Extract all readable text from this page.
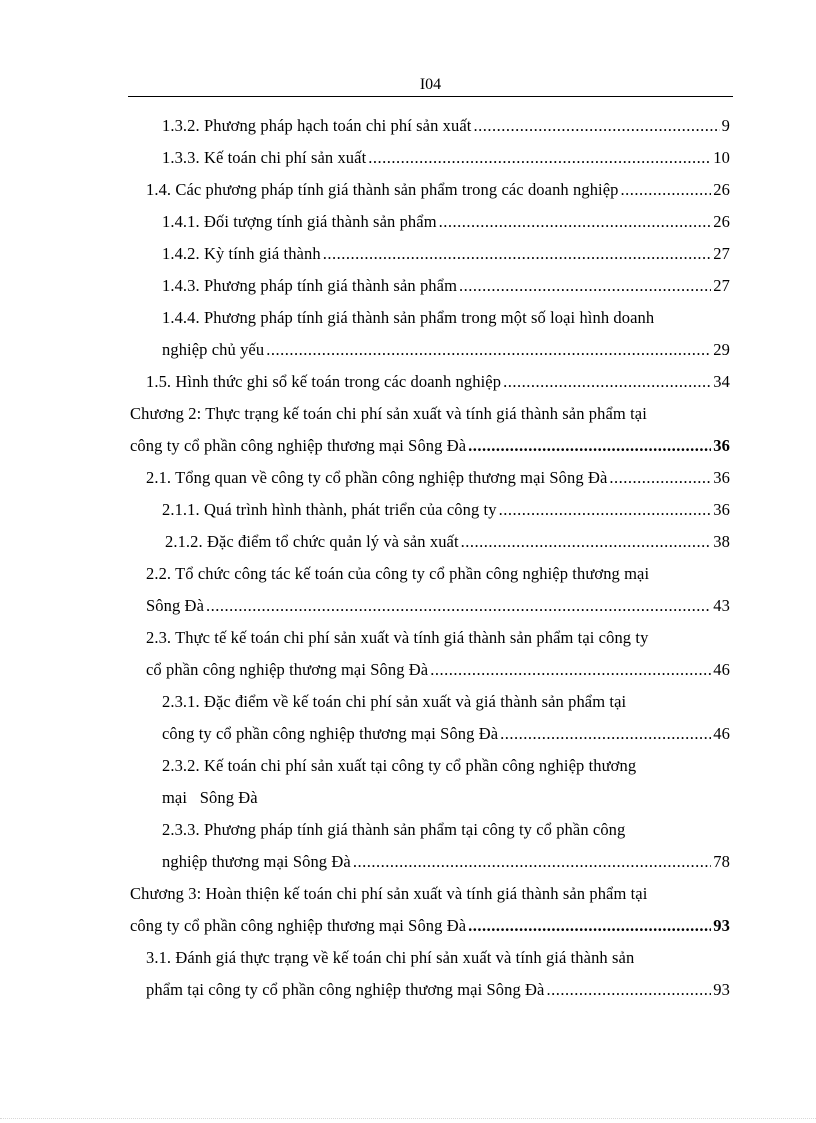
I04
1.3.2. Phương pháp hạch toán chi phí sản xuất .....	9
1.3.3. Kế toán chi phí sản xuất .....	10
1.4. Các phương pháp tính giá thành sản phẩm trong các doanh nghiệp .....	26
1.4.1. Đối tượng tính giá thành sản phẩm .....	26
1.4.2. Kỳ tính giá thành .....	27
1.4.3. Phương pháp tính giá thành sản phẩm .....	27
1.4.4. Phương pháp tính giá thành sản phẩm trong một số loại hình doanh
nghiệp chủ yếu .....	29
1.5. Hình thức ghi sổ kế toán trong các doanh nghiệp .....	34
Chương 2: Thực trạng kế toán chi phí sản xuất và tính giá thành sản phẩm tại
công ty cổ phần công nghiệp thương mại Sông Đà .....	36
2.1. Tổng quan về công ty cổ phần công nghiệp thương mại Sông Đà .....	36
2.1.1. Quá trình hình thành, phát triển của công ty .....	36
2.1.2. Đặc điểm tổ chức quản lý và sản xuất .....	38
2.2. Tổ chức công tác kế toán của công ty cổ phần công nghiệp thương mại
Sông Đà .....	43
2.3. Thực tế kế toán chi phí sản xuất và tính giá thành sản phẩm tại công ty
cổ phần công nghiệp thương mại Sông Đà .....	46
2.3.1. Đặc điểm về kế toán chi phí sản xuất và giá thành sản phẩm tại
công ty cổ phần công nghiệp thương mại Sông Đà .....	46
2.3.2. Kế toán chi phí sản xuất tại công ty cổ phần công nghiệp thương
mại   Sông Đà
2.3.3. Phương pháp tính giá thành sản phẩm tại công ty cổ phần công
nghiệp thương mại Sông Đà .....	78
Chương 3: Hoàn thiện kế toán chi phí sản xuất và tính giá thành sản phẩm tại
công ty cổ phần công nghiệp thương mại Sông Đà .....	93
3.1. Đánh giá thực trạng về kế toán chi phí sản xuất và tính giá thành sản
phẩm tại công ty cổ phần công nghiệp thương mại Sông Đà .....	93
